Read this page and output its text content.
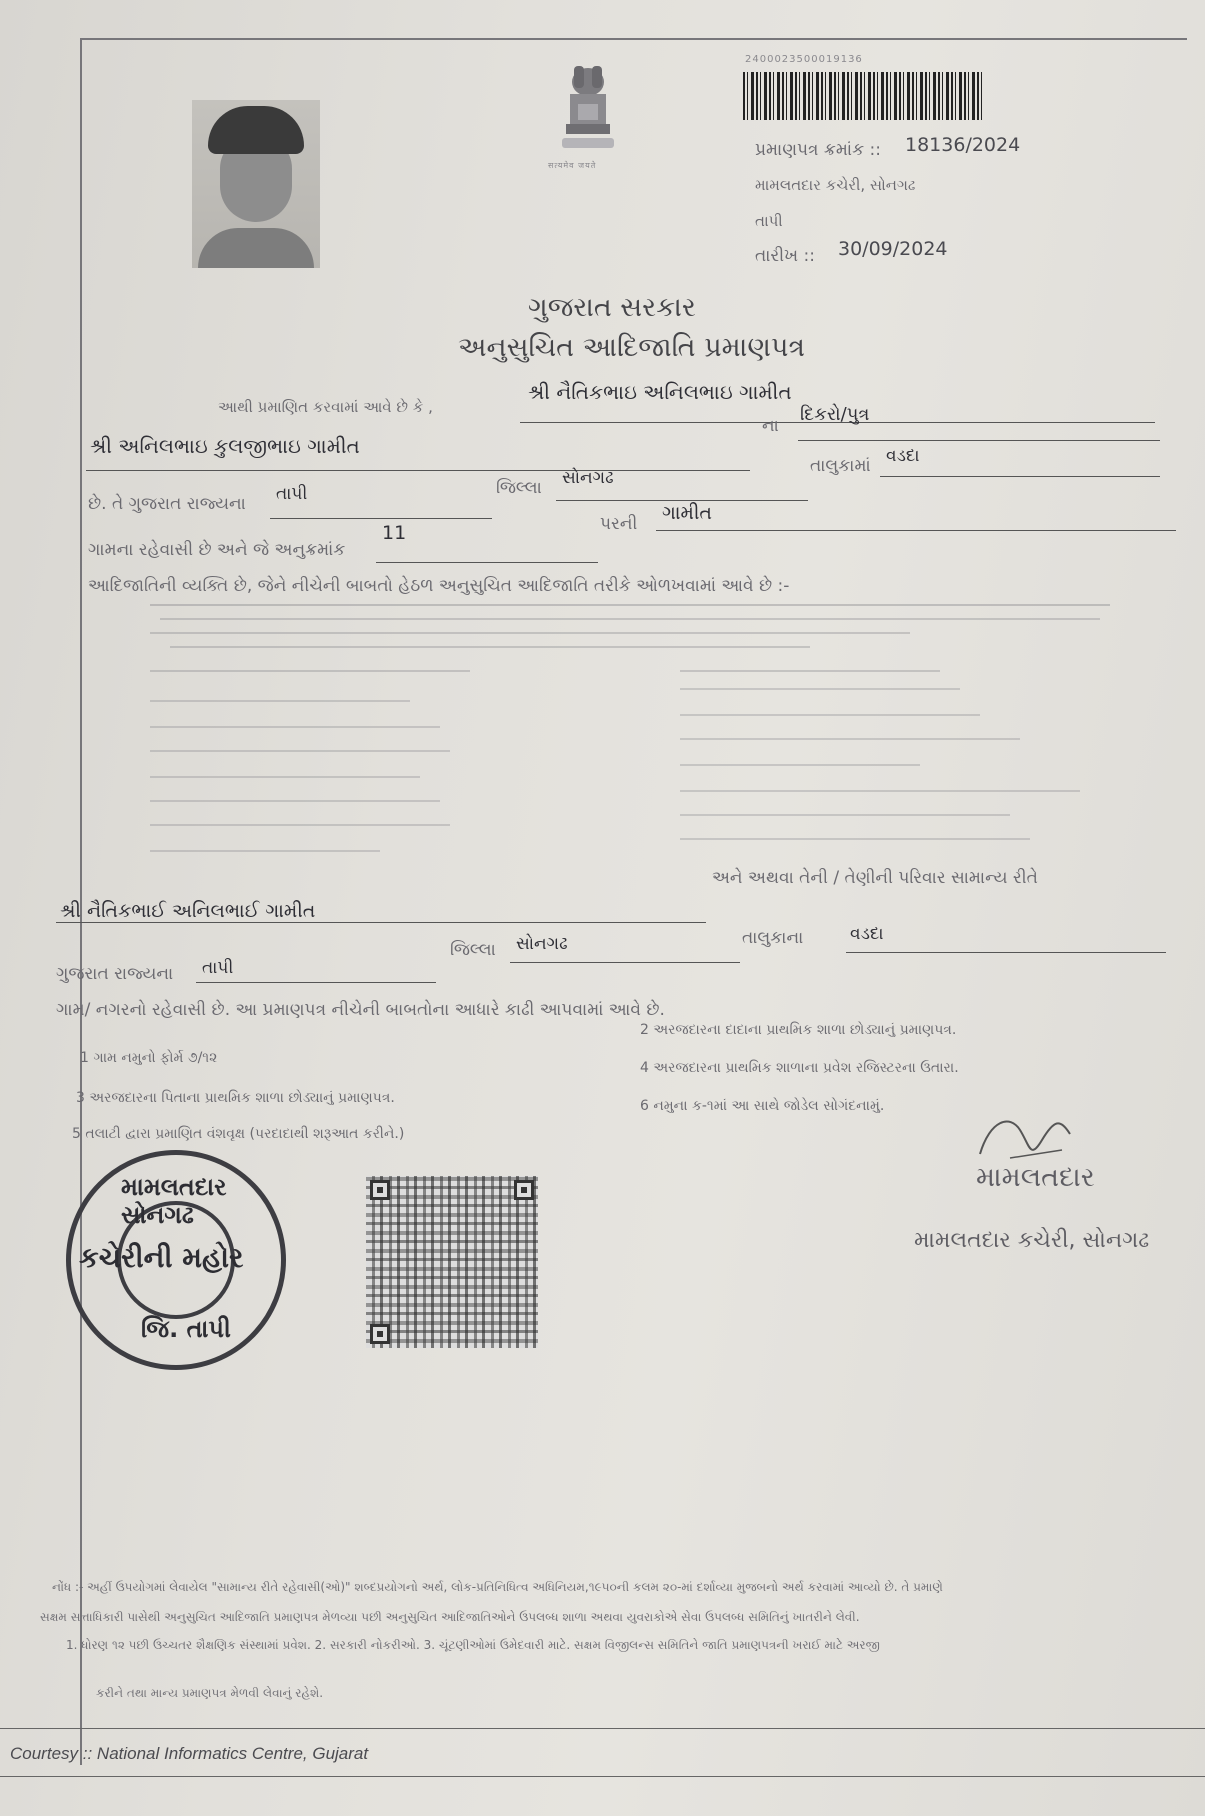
सत्यमेव जयते
2400023500019136
પ્રમાણપત્ર ક્રમાંક :: 18136/2024
મામલતદાર કચેરી, સોનગઢ
તાપી
તારીખ :: 30/09/2024
ગુજરાત સરકાર
અનુસુચિત આદિજાતિ પ્રમાણપત્ર
આથી પ્રમાણિત કરવામાં આવે છે કે ,
શ્રી નૈતિકભાઇ અનિલભાઇ ગામીત
શ્રી અનિલભાઇ કુલજીભાઇ ગામીત
ના
દિકરો/પુત્ર
છે. તે ગુજરાત રાજ્યના તાપી	જિલ્લા સોનગઢ
તાલુકામાં વડદા
ગામના રહેવાસી છે અને જે અનુક્રમાંક
11	પરની ગામીત
આદિજાતિની વ્યક્તિ છે, જેને નીચેની બાબતો હેઠળ અનુસુચિત આદિજાતિ તરીકે ઓળખવામાં આવે છે :-
અને અથવા તેની / તેણીની પરિવાર સામાન્ય રીતે
શ્રી નૈતિકભાઈ અનિલભાઈ ગામીત
ગુજરાત રાજ્યના તાપી
જિલ્લા સોનગઢ	તાલુકાના	વડદા
ગામ/ નગરનો રહેવાસી છે. આ પ્રમાણપત્ર નીચેની બાબતોના આધારે કાઢી આપવામાં આવે છે.
1 ગામ નમુનો ફોર્મ ૭/૧૨
2 અરજદારના દાદાના પ્રાથમિક શાળા છોડ્યાનું પ્રમાણપત્ર.
3 અરજદારના પિતાના પ્રાથમિક શાળા છોડ્યાનું પ્રમાણપત્ર.
4 અરજદારના પ્રાથમિક શાળાના પ્રવેશ રજિસ્ટરના ઉતારા.
5 તલાટી દ્વારા પ્રમાણિત વંશવૃક્ષ (પરદાદાથી શરૂઆત કરીને.)
6 નમુના ક-૧માં આ સાથે જોડેલ સોગંદનામું.
મામલતદાર
મામલતદાર કચેરી, સોનગઢ
મામલતદાર સોનગઢ
કચેરીની મહોર
જિ. તાપી
નોંધ :- અહીં ઉપયોગમાં લેવાયેલ "સામાન્ય રીતે રહેવાસી(ઓ)" શબ્દપ્રયોગનો અર્થ, લોક-પ્રતિનિધિત્વ અધિનિયમ,૧૯૫૦ની કલમ ૨૦-માં દર્શાવ્યા મુજબનો અર્થ કરવામાં આવ્યો છે. તે પ્રમાણે
સક્ષમ સત્તાધિકારી પાસેથી અનુસુચિત આદિજાતિ પ્રમાણપત્ર મેળવ્યા પછી અનુસુચિત આદિજાતિઓને ઉપલબ્ધ શાળા અથવા યુવરાકોએ સેવા ઉપલબ્ધ સમિતિનું ખાતરીને લેવી.
1. ધોરણ ૧૨ પછી ઉચ્ચતર શૈક્ષણિક સંસ્થામાં પ્રવેશ. 2. સરકારી નોકરીઓ. 3. ચૂંટણીઓમાં ઉમેદવારી માટે. સક્ષમ વિજીલન્સ સમિતિને જાતિ પ્રમાણપત્રની ખરાઈ માટે અરજી
કરીને તથા માન્ય પ્રમાણપત્ર મેળવી લેવાનું રહેશે.
Courtesy :: National Informatics Centre, Gujarat
